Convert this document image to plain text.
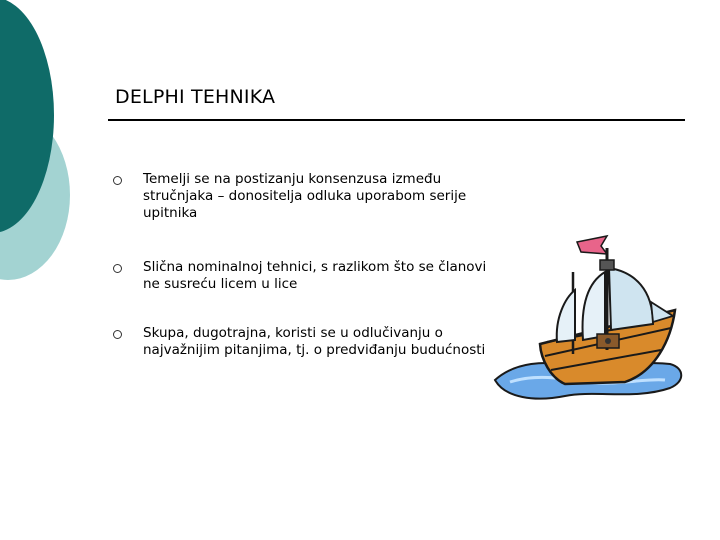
DELPHI TEHNIKA
Temelji se na postizanju konsenzusa između stručnjaka – donositelja odluka uporabom serije upitnika
Slična nominalnoj tehnici, s razlikom što se članovi ne susreću licem u lice
Skupa, dugotrajna, koristi se u odlučivanju o najvažnijim pitanjima, tj. o predviđanju budućnosti
